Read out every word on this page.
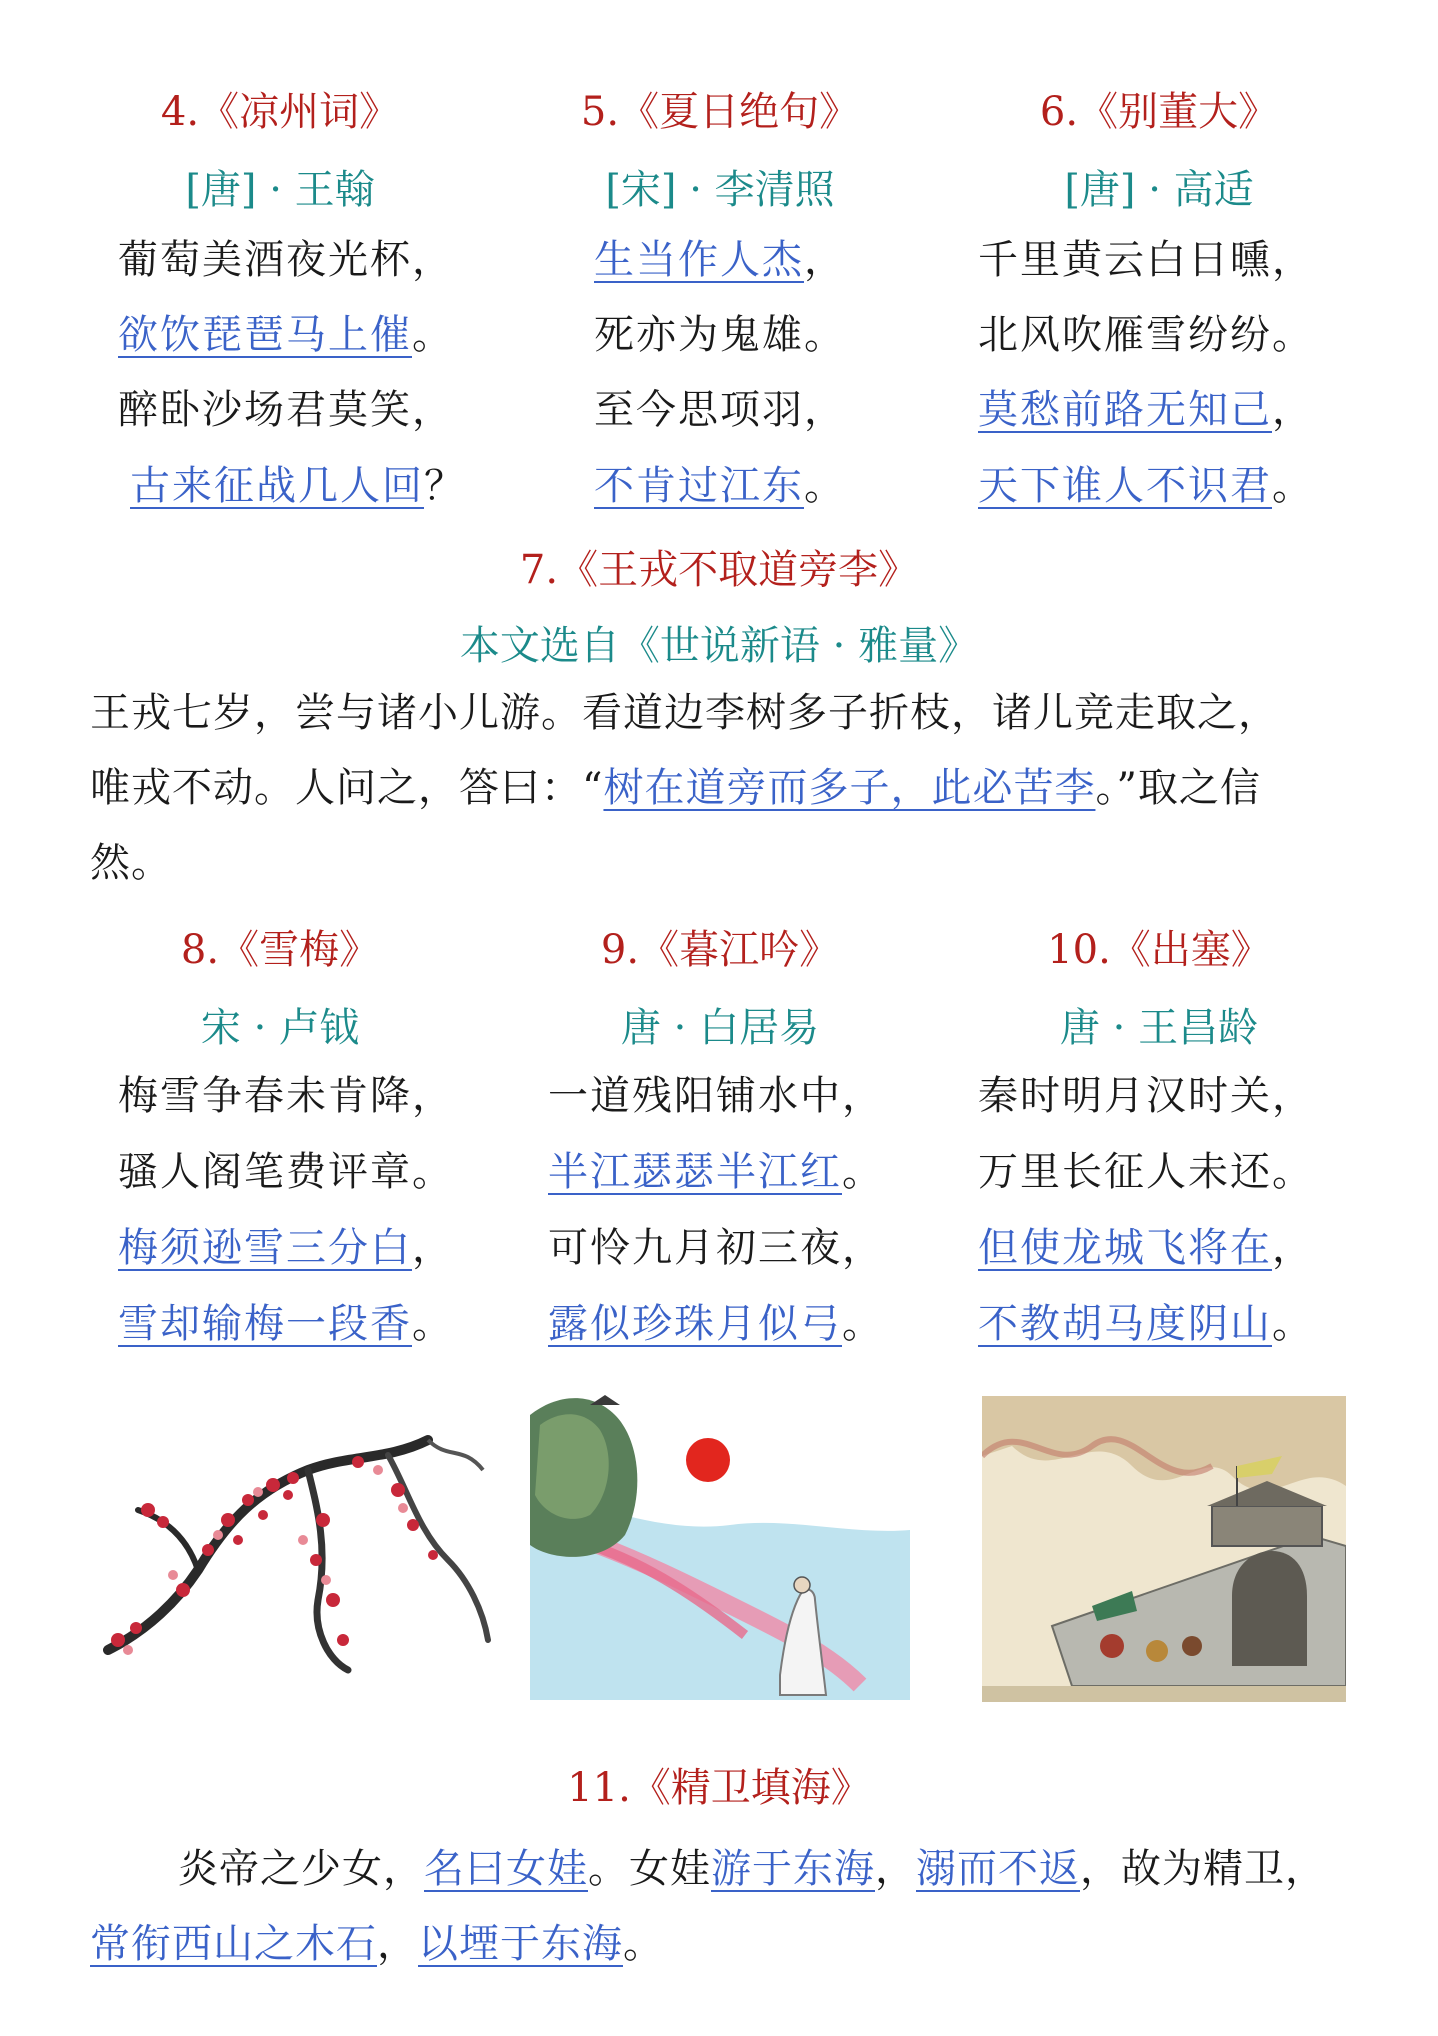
4.《凉州词》
[唐] · 王翰
葡萄美酒夜光杯，
欲饮琵琶马上催。
醉卧沙场君莫笑，
古来征战几人回？
5.《夏日绝句》
[宋] · 李清照
生当作人杰，
死亦为鬼雄。
至今思项羽，
不肯过江东。
6.《别董大》
[唐] · 高适
千里黄云白日曛，
北风吹雁雪纷纷。
莫愁前路无知己，
天下谁人不识君。
7.《王戎不取道旁李》
本文选自《世说新语 · 雅量》
王戎七岁，尝与诸小儿游。看道边李树多子折枝，诸儿竞走取之，
唯戎不动。人问之，答曰：“树在道旁而多子，此必苦李。”取之信
然。
8.《雪梅》
宋 · 卢钺
梅雪争春未肯降，
骚人阁笔费评章。
梅须逊雪三分白，
雪却输梅一段香。
9.《暮江吟》
唐 · 白居易
一道残阳铺水中，
半江瑟瑟半江红。
可怜九月初三夜，
露似珍珠月似弓。
10.《出塞》
唐 · 王昌龄
秦时明月汉时关，
万里长征人未还。
但使龙城飞将在，
不教胡马度阴山。
11.《精卫填海》
炎帝之少女，名曰女娃。女娃游于东海，溺而不返，故为精卫，
常衔西山之木石，以堙于东海。
